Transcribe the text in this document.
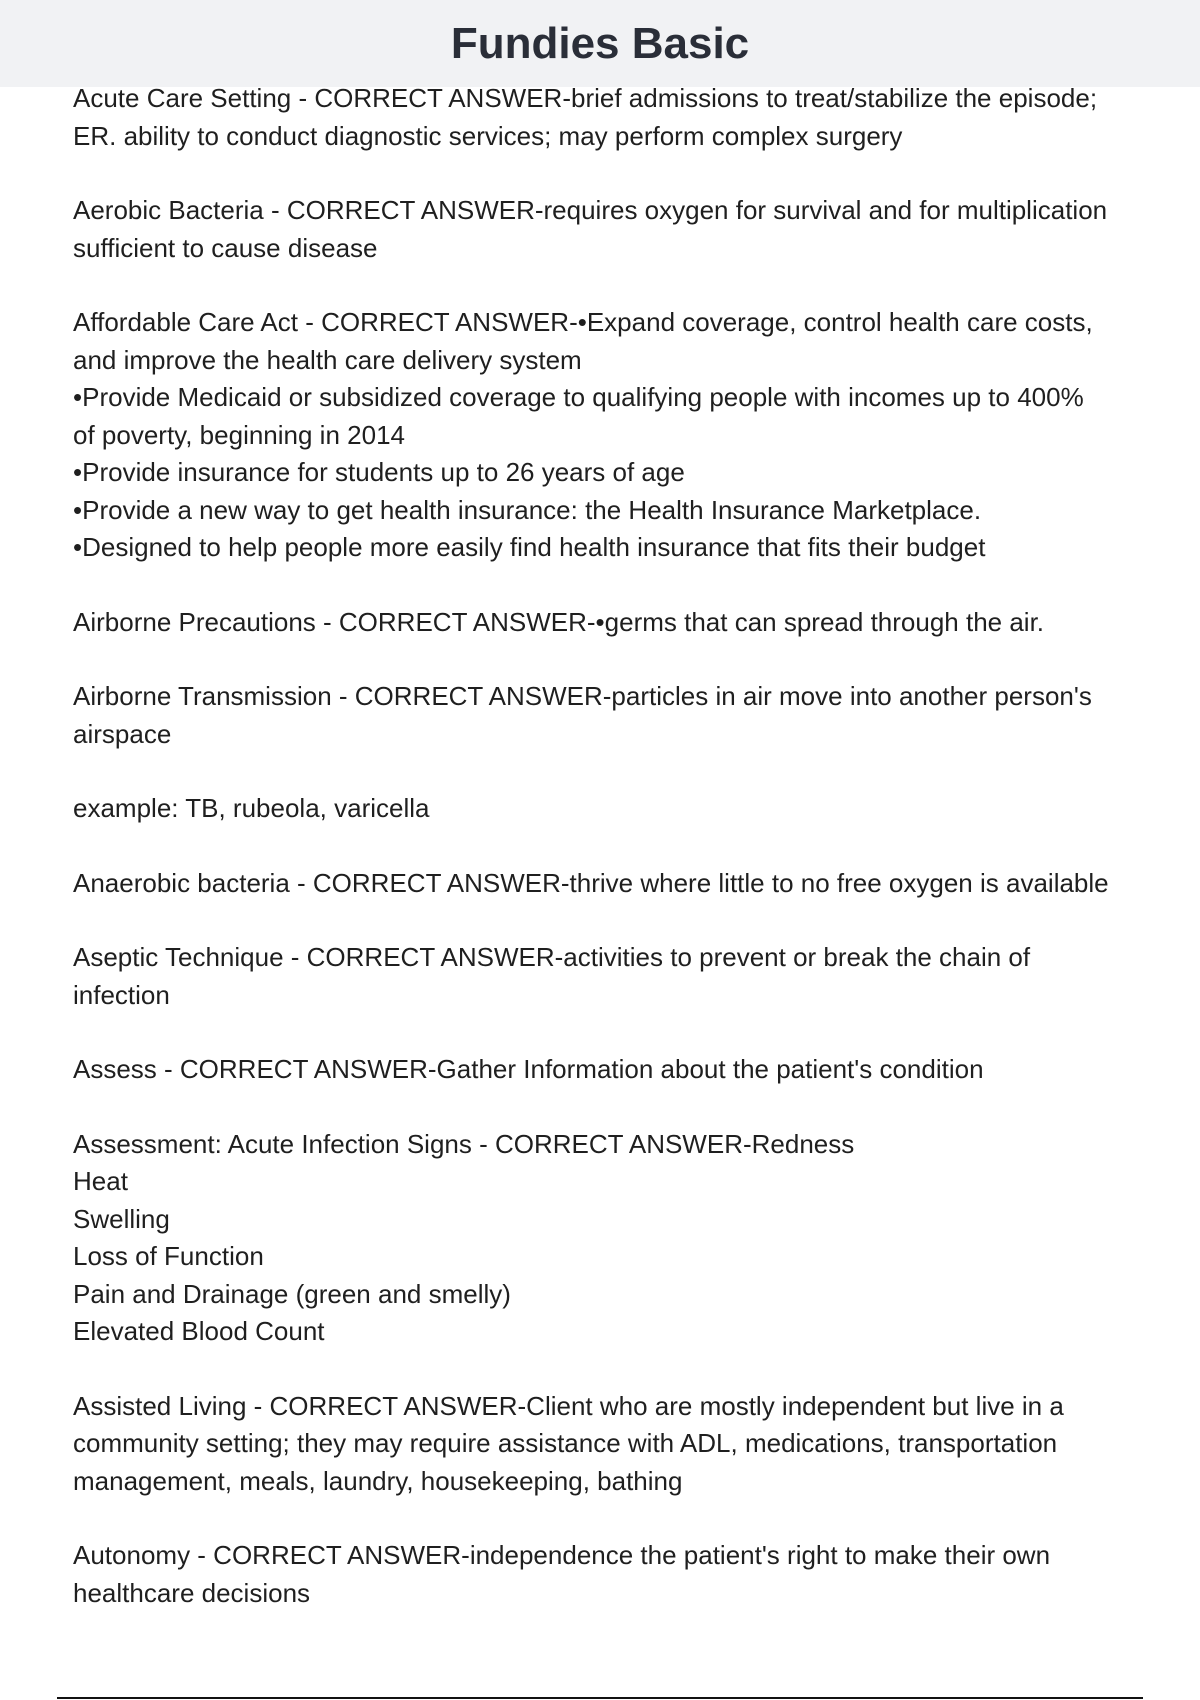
Fundies Basic
Acute Care Setting - CORRECT ANSWER-brief admissions to treat/stabilize the episode;
ER. ability to conduct diagnostic services; may perform complex surgery
Aerobic Bacteria - CORRECT ANSWER-requires oxygen for survival and for multiplication
sufficient to cause disease
Affordable Care Act - CORRECT ANSWER-•Expand coverage, control health care costs,
and improve the health care delivery system
•Provide Medicaid or subsidized coverage to qualifying people with incomes up to 400%
of poverty, beginning in 2014
•Provide insurance for students up to 26 years of age
•Provide a new way to get health insurance: the Health Insurance Marketplace.
•Designed to help people more easily find health insurance that fits their budget
Airborne Precautions - CORRECT ANSWER-•germs that can spread through the air.
Airborne Transmission - CORRECT ANSWER-particles in air move into another person's
airspace
example: TB, rubeola, varicella
Anaerobic bacteria - CORRECT ANSWER-thrive where little to no free oxygen is available
Aseptic Technique - CORRECT ANSWER-activities to prevent or break the chain of
infection
Assess - CORRECT ANSWER-Gather Information about the patient's condition
Assessment: Acute Infection Signs - CORRECT ANSWER-Redness
Heat
Swelling
Loss of Function
Pain and Drainage (green and smelly)
Elevated Blood Count
Assisted Living - CORRECT ANSWER-Client who are mostly independent but live in a
community setting; they may require assistance with ADL, medications, transportation
management, meals, laundry, housekeeping, bathing
Autonomy - CORRECT ANSWER-independence the patient's right to make their own
healthcare decisions
